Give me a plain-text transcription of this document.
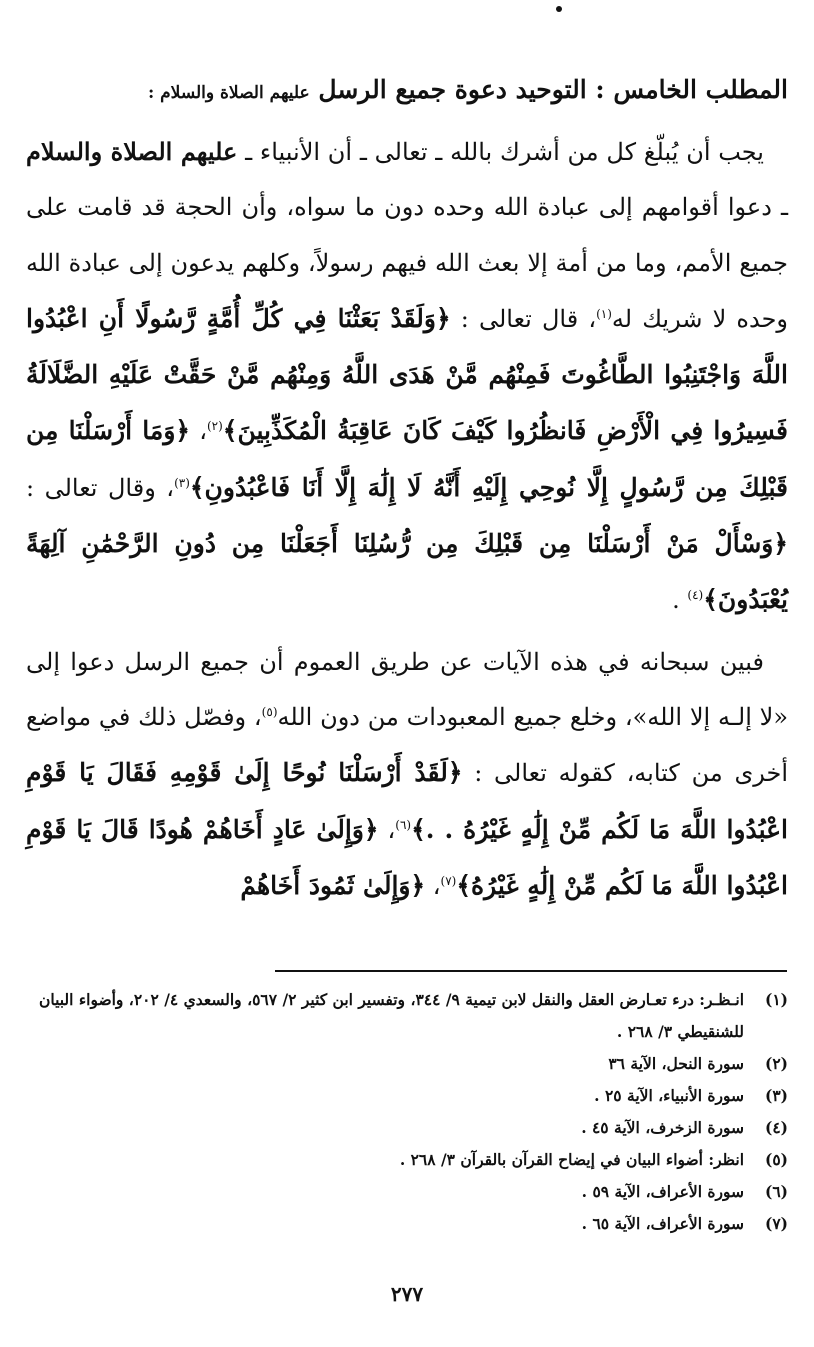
المطلب الخامس : التوحيد دعوة جميع الرسل عليهم الصلاة والسلام :

يجب أن يُبلّغ كل من أشرك بالله ـ تعالى ـ أن الأنبياء ـ عليهم الصلاة والسلام ـ دعوا أقوامهم إلى عبادة الله وحده دون ما سواه، وأن الحجة قد قامت على جميع الأمم، وما من أمة إلا بعث الله فيهم رسولاً، وكلهم يدعون إلى عبادة الله وحده لا شريك له$^{(١)}$، قال تعالى : ﴿وَلَقَدْ بَعَثْنَا فِي كُلِّ أُمَّةٍ رَّسُولًا أَنِ اعْبُدُوا اللَّهَ وَاجْتَنِبُوا الطَّاغُوتَ فَمِنْهُم مَّنْ هَدَى اللَّهُ وَمِنْهُم مَّنْ حَقَّتْ عَلَيْهِ الضَّلَالَةُ فَسِيرُوا فِي الْأَرْضِ فَانظُرُوا كَيْفَ كَانَ عَاقِبَةُ الْمُكَذِّبِينَ﴾$^{(٢)}$، ﴿وَمَا أَرْسَلْنَا مِن قَبْلِكَ مِن رَّسُولٍ إِلَّا نُوحِي إِلَيْهِ أَنَّهُ لَا إِلَٰهَ إِلَّا أَنَا فَاعْبُدُونِ﴾$^{(٣)}$، وقال تعالى : ﴿وَسْأَلْ مَنْ أَرْسَلْنَا مِن قَبْلِكَ مِن رُّسُلِنَا أَجَعَلْنَا مِن دُونِ الرَّحْمَٰنِ آلِهَةً يُعْبَدُونَ﴾$^{(٤)}$ .

فبين سبحانه في هذه الآيات عن طريق العموم أن جميع الرسل دعوا إلى «لا إلـه إلا الله»، وخلع جميع المعبودات من دون الله$^{(٥)}$، وفصّل ذلك في مواضع أخرى من كتابه، كقوله تعالى : ﴿لَقَدْ أَرْسَلْنَا نُوحًا إِلَىٰ قَوْمِهِ فَقَالَ يَا قَوْمِ اعْبُدُوا اللَّهَ مَا لَكُم مِّنْ إِلَٰهٍ غَيْرُهُ . .﴾$^{(٦)}$، ﴿وَإِلَىٰ عَادٍ أَخَاهُمْ هُودًا قَالَ يَا قَوْمِ اعْبُدُوا اللَّهَ مَا لَكُم مِّنْ إِلَٰهٍ غَيْرُهُ﴾$^{(٧)}$، ﴿وَإِلَىٰ ثَمُودَ أَخَاهُمْ

(١)
انـظـر: درء تعـارض العقل والنقل لابن تيمية ٩/ ٣٤٤، وتفسير ابن كثير ٢/ ٥٦٧، والسعدي ٤/ ٢٠٢، وأضواء البيان للشنقيطي ٣/ ٢٦٨ .
(٢)
سورة النحل، الآية ٣٦
(٣)
سورة الأنبياء، الآية ٢٥ .
(٤)
سورة الزخرف، الآية ٤٥ .
(٥)
انظر: أضواء البيان في إيضاح القرآن بالقرآن ٣/ ٢٦٨ .
(٦)
سورة الأعراف، الآية ٥٩ .
(٧)
سورة الأعراف، الآية ٦٥ .
٢٧٧
